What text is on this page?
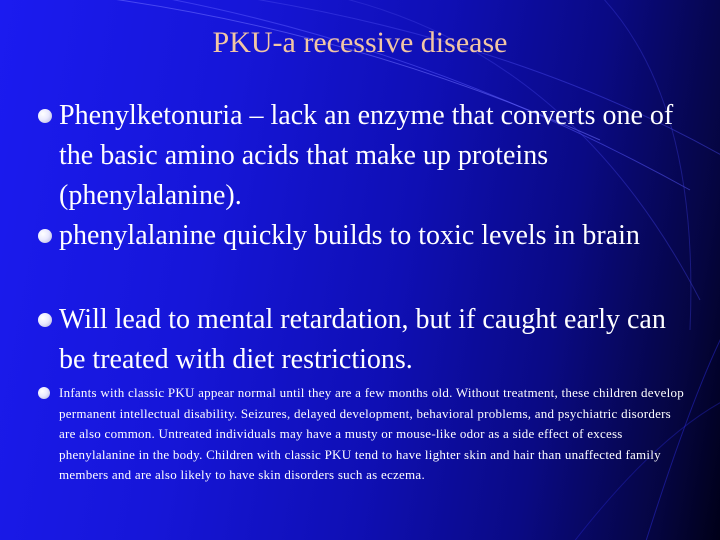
PKU-a recessive disease
Phenylketonuria – lack an enzyme that converts one of the basic amino acids that make up proteins (phenylalanine).
phenylalanine quickly builds to toxic levels in brain
Will lead to mental retardation, but if caught early can be treated with diet restrictions.
Infants with classic PKU appear normal until they are a few months old. Without treatment, these children develop permanent intellectual disability. Seizures, delayed development, behavioral problems, and psychiatric disorders are also common. Untreated individuals may have a musty or mouse-like odor as a side effect of excess phenylalanine in the body. Children with classic PKU tend to have lighter skin and hair than unaffected family members and are also likely to have skin disorders such as eczema.
